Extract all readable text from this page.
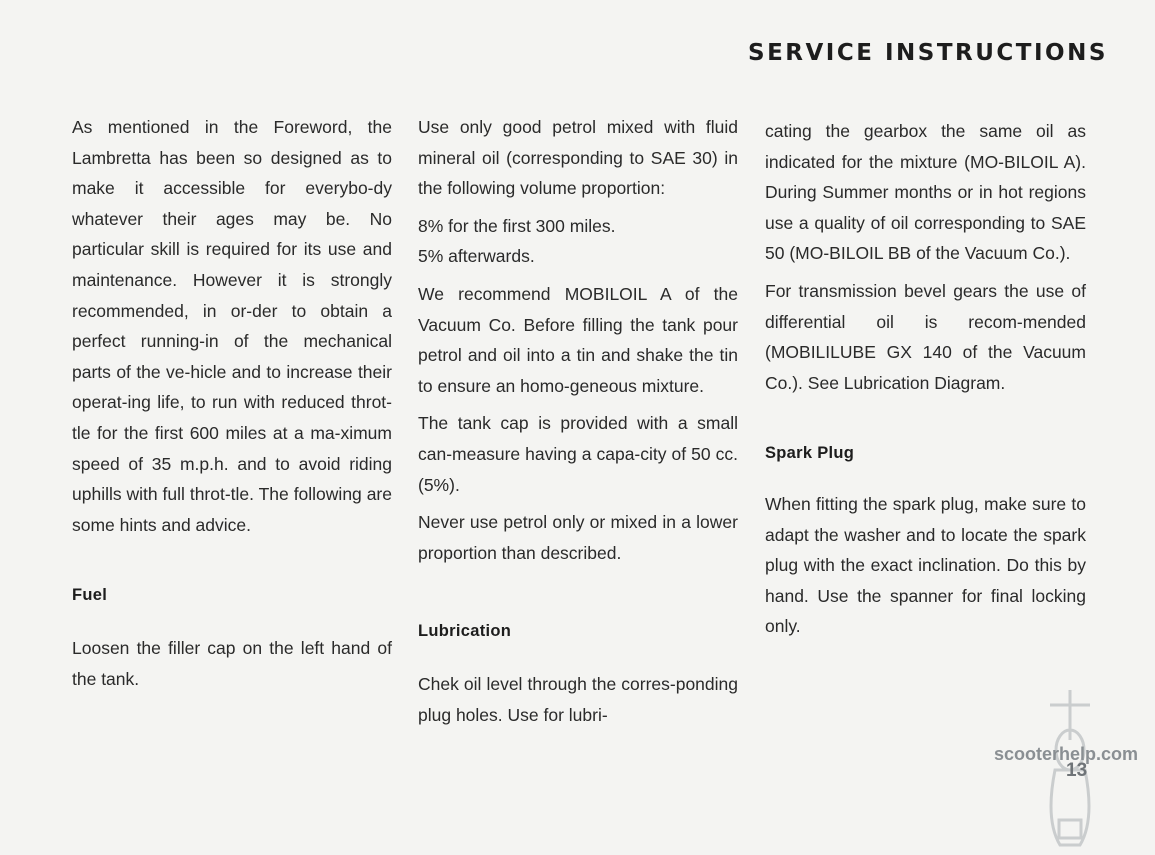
SERVICE INSTRUCTIONS

As mentioned in the Foreword, the Lambretta has been so designed as to make it accessible for everybo-dy whatever their ages may be. No particular skill is required for its use and maintenance. However it is strongly recommended, in or-der to obtain a perfect running-in of the mechanical parts of the ve-hicle and to increase their operat-ing life, to run with reduced throt-tle for the first 600 miles at a ma-ximum speed of 35 m.p.h. and to avoid riding uphills with full throt-tle. The following are some hints and advice.

Fuel

Loosen the filler cap on the left hand of the tank.

Use only good petrol mixed with fluid mineral oil (corresponding to SAE 30) in the following volume proportion:

8% for the first 300 miles.

5% afterwards.

We recommend MOBILOIL A of the Vacuum Co. Before filling the tank pour petrol and oil into a tin and shake the tin to ensure an homo-geneous mixture.

The tank cap is provided with a small can-measure having a capa-city of 50 cc. (5%).

Never use petrol only or mixed in a lower proportion than described.

Lubrication

Chek oil level through the corres-ponding plug holes. Use for lubri-

cating the gearbox the same oil as indicated for the mixture (MO-BILOIL A). During Summer months or in hot regions use a quality of oil corresponding to SAE 50 (MO-BILOIL BB of the Vacuum Co.).

For transmission bevel gears the use of differential oil is recom-mended (MOBILILUBE GX 140 of the Vacuum Co.). See Lubrication Diagram.

Spark Plug

When fitting the spark plug, make sure to adapt the washer and to locate the spark plug with the exact inclination. Do this by hand. Use the spanner for final locking only.

scooterhelp.com
13
